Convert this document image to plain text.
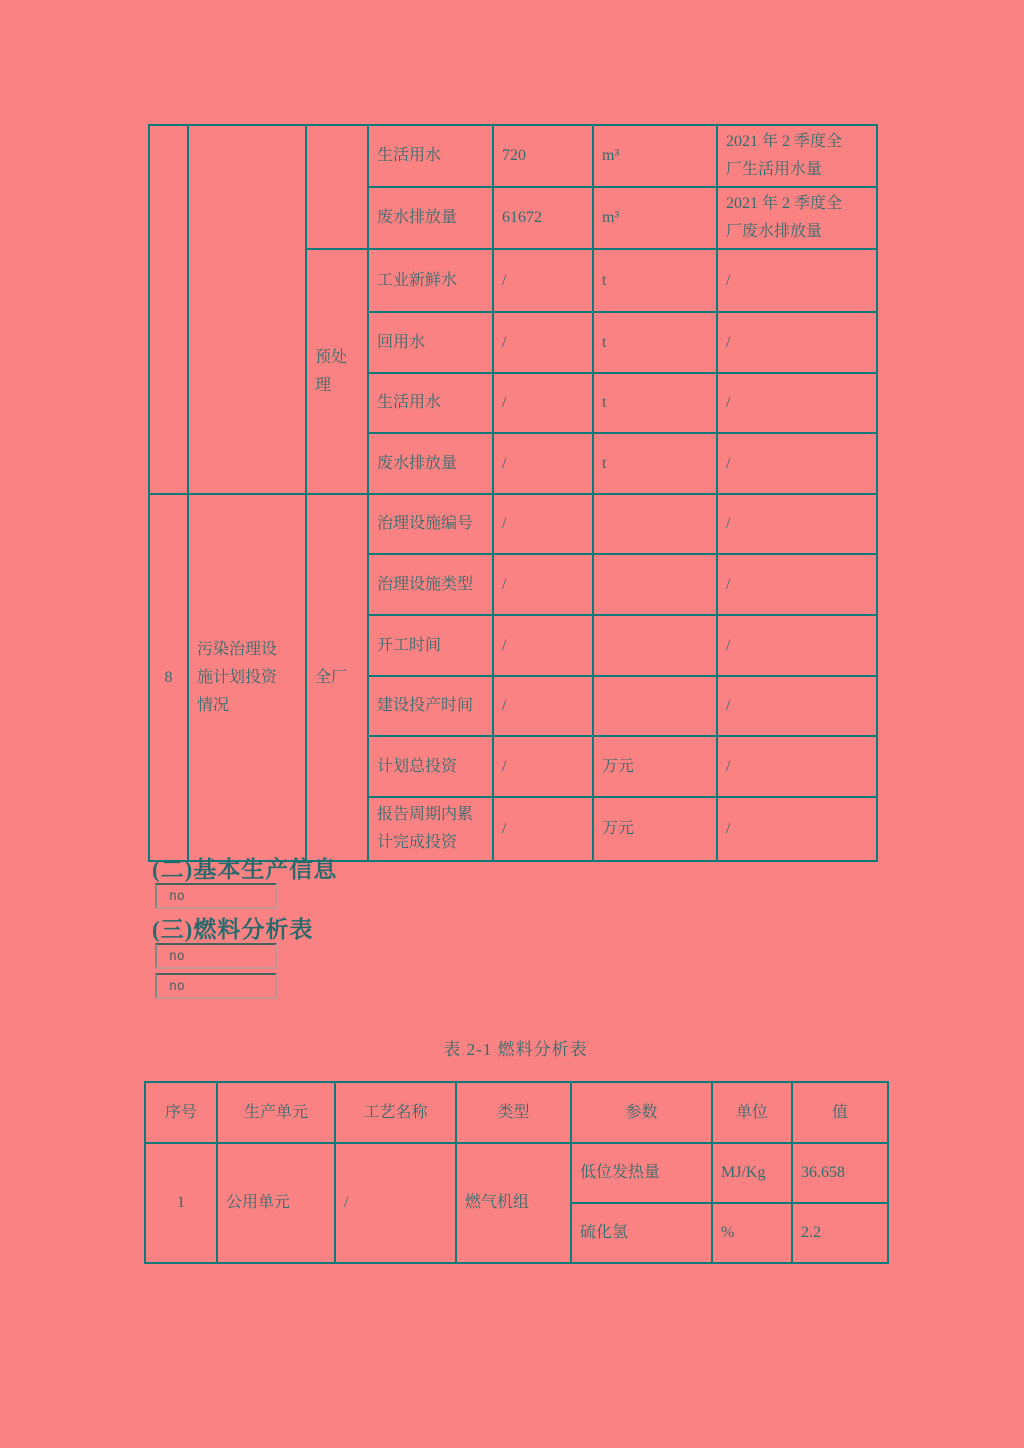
			生活用水	720	m³	2021 年 2 季度全厂生活用水量
			废水排放量	61672	m³	2021 年 2 季度全厂废水排放量
		预处理	工业新鲜水	/	t	/
			回用水	/	t	/
			生活用水	/	t	/
			废水排放量	/	t	/
8	污染治理设施计划投资情况	全厂	治理设施编号	/		/
			治理设施类型	/		/
			开工时间	/		/
			建设投产时间	/		/
			计划总投资	/	万元	/
			报告周期内累计完成投资	/	万元	/
(二)基本生产信息
no
(三)燃料分析表
no
no
表 2-1 燃料分析表
序号	生产单元	工艺名称	类型	参数	单位	值
1	公用单元	/	燃气机组	低位发热量	MJ/Kg	36.658
				硫化氢	%	2.2
